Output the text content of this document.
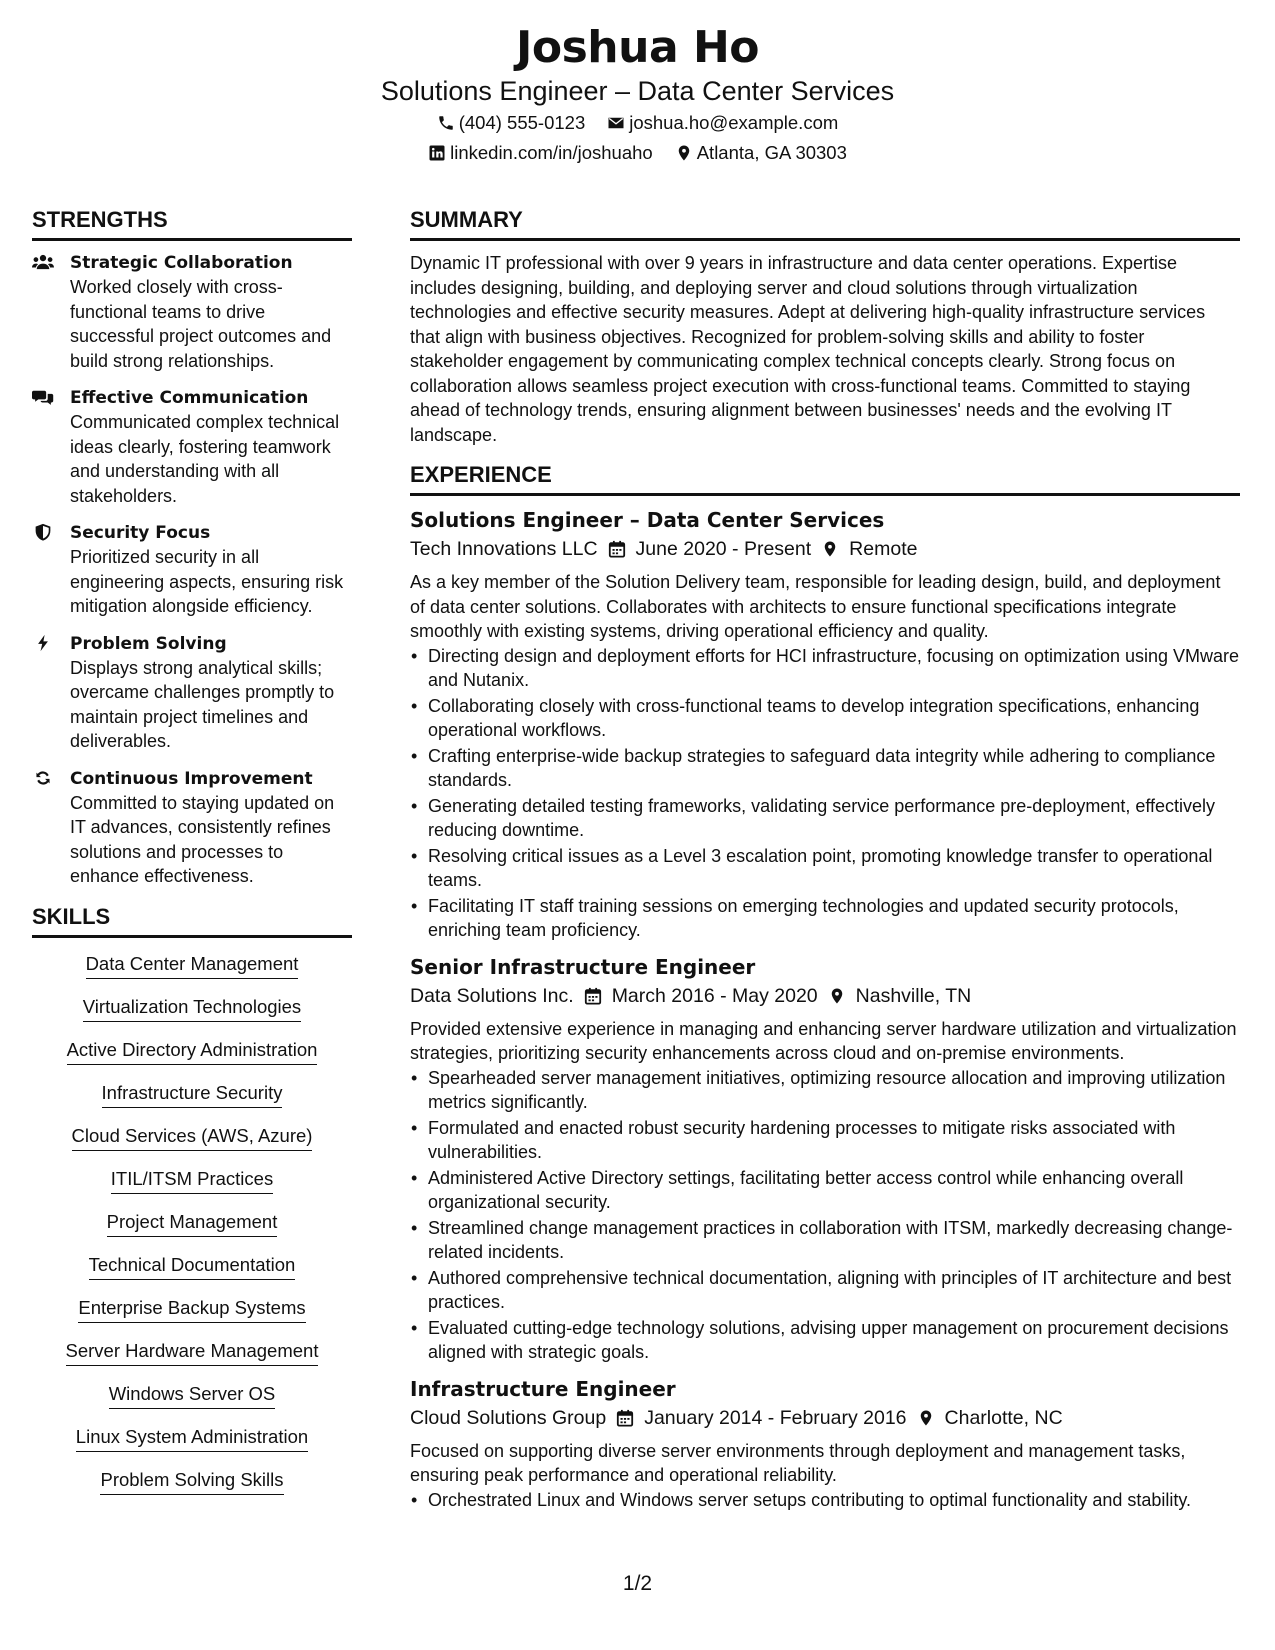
Joshua Ho
Solutions Engineer – Data Center Services
(404) 555-0123 joshua.ho@example.com
linkedin.com/in/joshuaho Atlanta, GA 30303
STRENGTHS
Strategic Collaboration
Worked closely with cross-functional teams to drive successful project outcomes and build strong relationships.
Effective Communication
Communicated complex technical ideas clearly, fostering teamwork and understanding with all stakeholders.
Security Focus
Prioritized security in all engineering aspects, ensuring risk mitigation alongside efficiency.
Problem Solving
Displays strong analytical skills; overcame challenges promptly to maintain project timelines and deliverables.
Continuous Improvement
Committed to staying updated on IT advances, consistently refines solutions and processes to enhance effectiveness.
SKILLS
Data Center Management
Virtualization Technologies
Active Directory Administration
Infrastructure Security
Cloud Services (AWS, Azure)
ITIL/ITSM Practices
Project Management
Technical Documentation
Enterprise Backup Systems
Server Hardware Management
Windows Server OS
Linux System Administration
Problem Solving Skills
SUMMARY
Dynamic IT professional with over 9 years in infrastructure and data center operations. Expertise includes designing, building, and deploying server and cloud solutions through virtualization technologies and effective security measures. Adept at delivering high-quality infrastructure services that align with business objectives. Recognized for problem-solving skills and ability to foster stakeholder engagement by communicating complex technical concepts clearly. Strong focus on collaboration allows seamless project execution with cross-functional teams. Committed to staying ahead of technology trends, ensuring alignment between businesses' needs and the evolving IT landscape.
EXPERIENCE
Solutions Engineer – Data Center Services
Tech Innovations LLC June 2020 - Present Remote
As a key member of the Solution Delivery team, responsible for leading design, build, and deployment of data center solutions. Collaborates with architects to ensure functional specifications integrate smoothly with existing systems, driving operational efficiency and quality.
• Directing design and deployment efforts for HCI infrastructure, focusing on optimization using VMware and Nutanix.
• Collaborating closely with cross-functional teams to develop integration specifications, enhancing operational workflows.
• Crafting enterprise-wide backup strategies to safeguard data integrity while adhering to compliance standards.
• Generating detailed testing frameworks, validating service performance pre-deployment, effectively reducing downtime.
• Resolving critical issues as a Level 3 escalation point, promoting knowledge transfer to operational teams.
• Facilitating IT staff training sessions on emerging technologies and updated security protocols, enriching team proficiency.
Senior Infrastructure Engineer
Data Solutions Inc. March 2016 - May 2020 Nashville, TN
Provided extensive experience in managing and enhancing server hardware utilization and virtualization strategies, prioritizing security enhancements across cloud and on-premise environments.
• Spearheaded server management initiatives, optimizing resource allocation and improving utilization metrics significantly.
• Formulated and enacted robust security hardening processes to mitigate risks associated with vulnerabilities.
• Administered Active Directory settings, facilitating better access control while enhancing overall organizational security.
• Streamlined change management practices in collaboration with ITSM, markedly decreasing change-related incidents.
• Authored comprehensive technical documentation, aligning with principles of IT architecture and best practices.
• Evaluated cutting-edge technology solutions, advising upper management on procurement decisions aligned with strategic goals.
Infrastructure Engineer
Cloud Solutions Group January 2014 - February 2016 Charlotte, NC
Focused on supporting diverse server environments through deployment and management tasks, ensuring peak performance and operational reliability.
• Orchestrated Linux and Windows server setups contributing to optimal functionality and stability.
1/2
